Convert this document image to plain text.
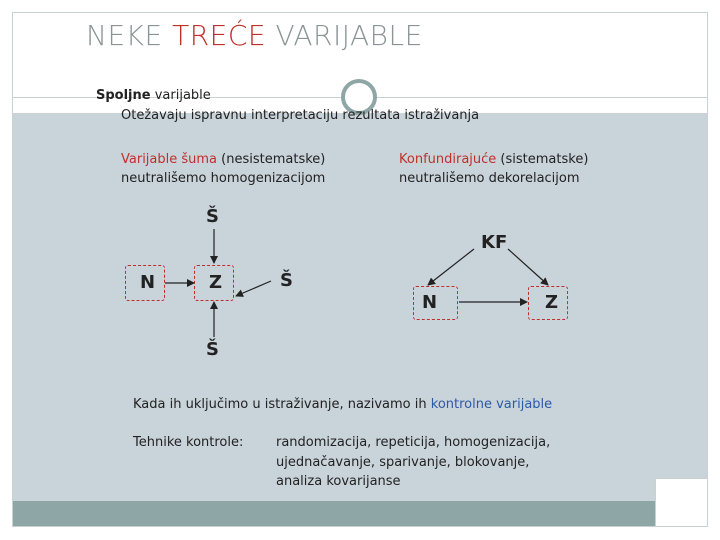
NEKE TREĆE VARIJABLE
Spoljne varijable
Otežavaju ispravnu interpretaciju rezultata istraživanja
Varijable šuma (nesistematske)
neutrališemo homogenizacijom
Konfundirajuće (sistematske)
neutrališemo dekorelacijom
Š
N	Z	Š
Š
KF
N	Z
Kada ih uključimo u istraživanje, nazivamo ih kontrolne varijable
Tehnike kontrole:	randomizacija, repeticija, homogenizacija,
ujednačavanje, sparivanje, blokovanje,
analiza kovarijanse
